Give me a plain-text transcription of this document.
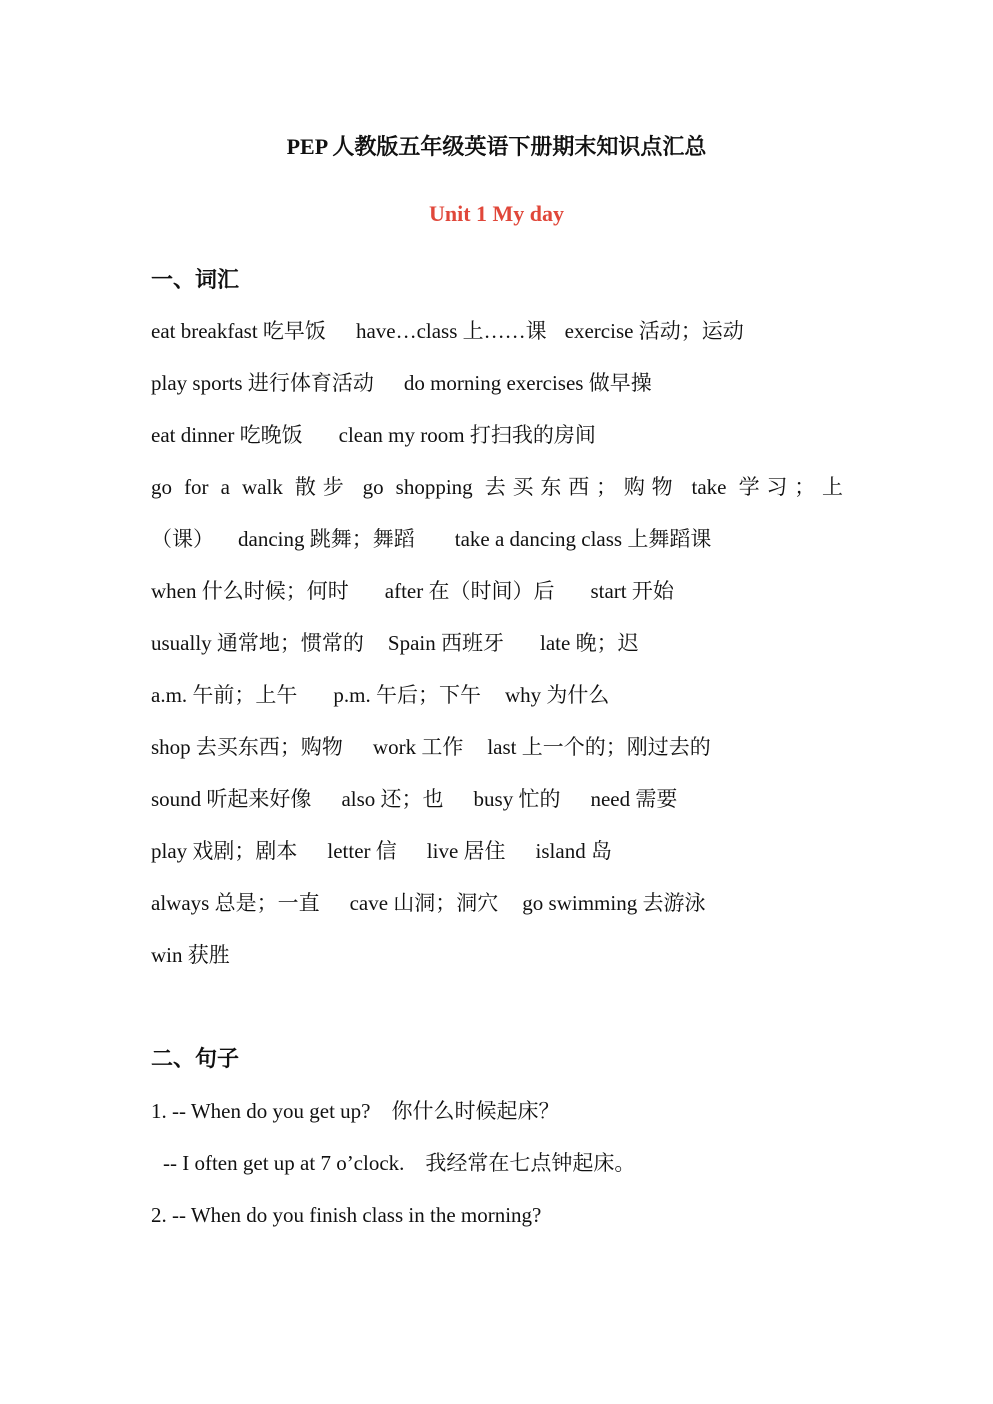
PEP 人教版五年级英语下册期末知识点汇总
Unit 1 My day
一、词汇
eat breakfast 吃早饭 have…class 上……课 exercise 活动；运动
play sports 进行体育活动 do morning exercises 做早操
eat dinner 吃晚饭 clean my room 打扫我的房间
go for a walk 散步 go shopping 去买东西；购物 take 学习；上
（课） dancing 跳舞；舞蹈 take a dancing class 上舞蹈课
when 什么时候；何时 after 在（时间）后 start 开始
usually 通常地；惯常的 Spain 西班牙 late 晚；迟
a.m. 午前；上午 p.m. 午后；下午 why 为什么
shop 去买东西；购物 work 工作 last 上一个的；刚过去的
sound 听起来好像 also 还；也 busy 忙的 need 需要
play 戏剧；剧本 letter 信 live 居住 island 岛
always 总是；一直 cave 山洞；洞穴 go swimming 去游泳
win 获胜
二、句子
1. -- When do you get up?　你什么时候起床？
-- I often get up at 7 o’clock.　我经常在七点钟起床。
2. -- When do you finish class in the morning?
